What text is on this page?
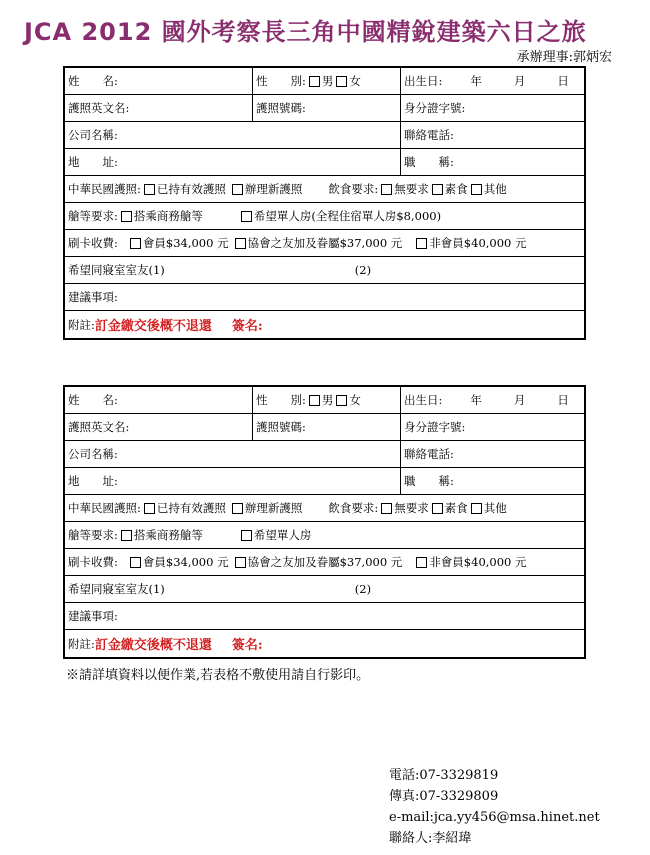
JCA 2012 國外考察長三角中國精銳建築六日之旅
承辦理事:郭炳宏
姓　　名:	性　　別: 男 女	出生日: 年	月	日
護照英文名:	護照號碼:	身分證字號:
公司名稱:	聯絡電話:
地　　址:	職　　稱:
中華民國護照: 已持有效護照 辦理新護照 飲食要求: 無要求 素食 其他
艙等要求: 搭乘商務艙等	希望單人房(全程住宿單人房$8,000)
刷卡收費: 會員$34,000 元 協會之友加及眷屬$37,000 元 非會員$40,000 元
希望同寢室室友(1)	(2)
建議事項:
附註: 訂金繳交後概不退還 簽名:
姓　　名:	性　　別: 男 女	出生日: 年	月	日
護照英文名:	護照號碼:	身分證字號:
公司名稱:	聯絡電話:
地　　址:	職　　稱:
中華民國護照: 已持有效護照 辦理新護照 飲食要求: 無要求 素食 其他
艙等要求: 搭乘商務艙等	希望單人房
刷卡收費: 會員$34,000 元 協會之友加及眷屬$37,000 元 非會員$40,000 元
希望同寢室室友(1)	(2)
建議事項:
附註: 訂金繳交後概不退還 簽名:
※請詳填資料以便作業,若表格不敷使用請自行影印。
電話:07-3329819
傳真:07-3329809
e-mail:jca.yy456@msa.hinet.net
聯絡人:李紹瑋
